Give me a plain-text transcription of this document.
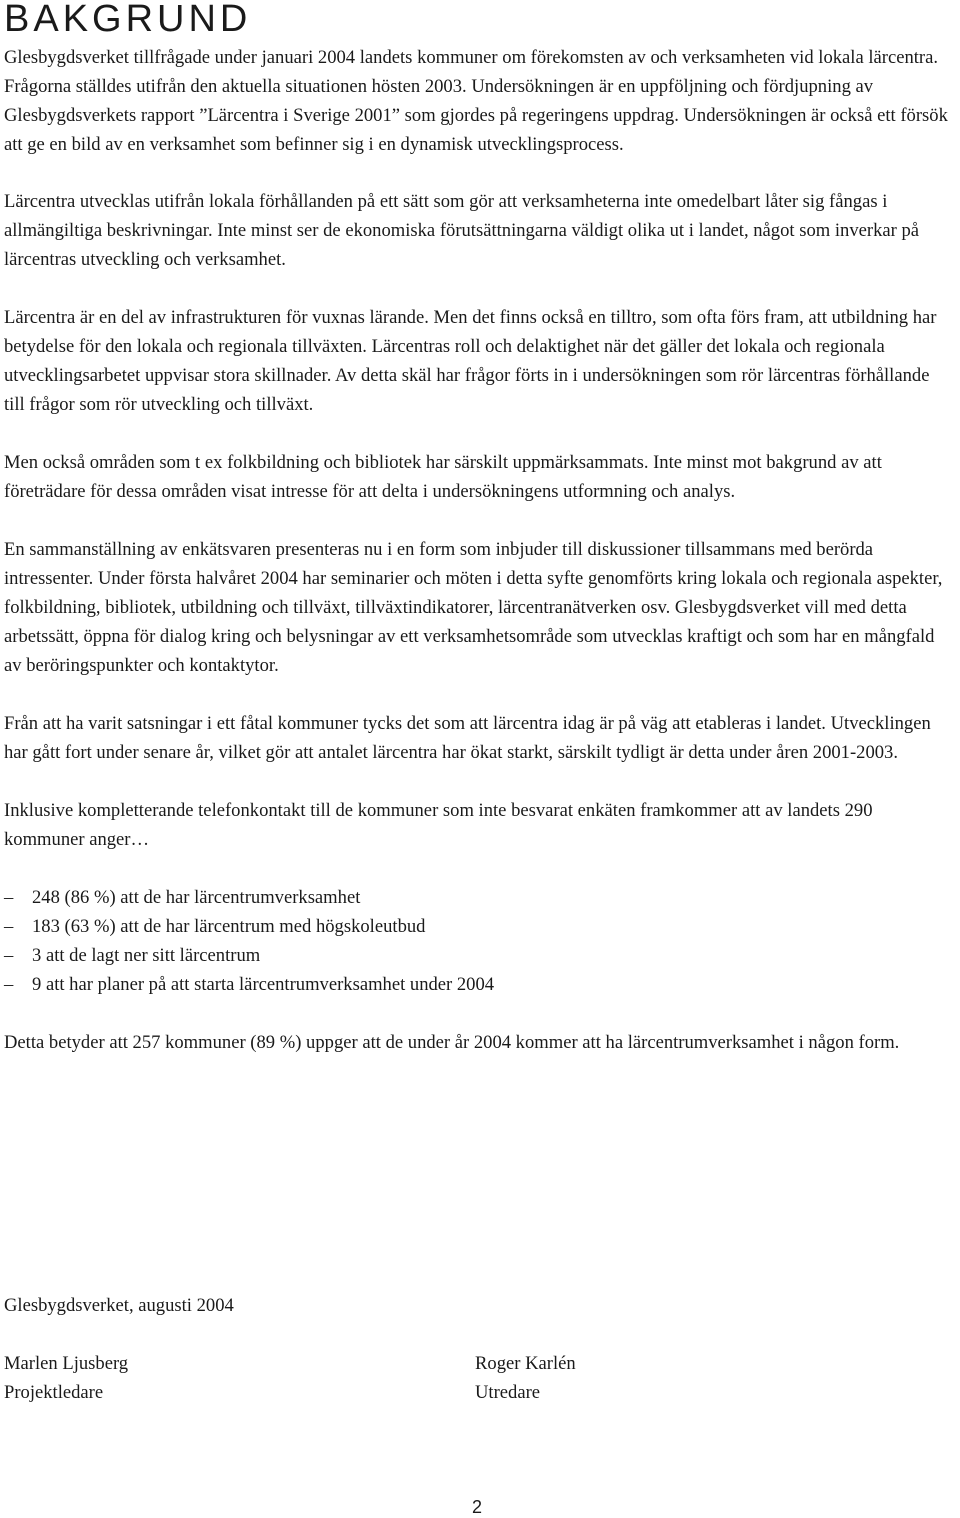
BAKGRUND

Glesbygdsverket tillfrågade under januari 2004 landets kommuner om förekomsten av och verksamheten vid lokala lärcentra. Frågorna ställdes utifrån den aktuella situationen hösten 2003. Undersökningen är en uppföljning och fördjupning av Glesbygdsverkets rapport ”Lärcentra i Sverige 2001” som gjordes på regeringens uppdrag. Undersökningen är också ett försök att ge en bild av en verksamhet som befinner sig i en dynamisk utvecklingsprocess.

Lärcentra utvecklas utifrån lokala förhållanden på ett sätt som gör att verksamheterna inte omedelbart låter sig fångas i allmängiltiga beskrivningar. Inte minst ser de ekonomiska förutsättningarna väldigt olika ut i landet, något som inverkar på lärcentras utveckling och verksamhet.

Lärcentra är en del av infrastrukturen för vuxnas lärande. Men det finns också en tilltro, som ofta förs fram, att utbildning har betydelse för den lokala och regionala tillväxten. Lärcentras roll och delaktighet när det gäller det lokala och regionala utvecklingsarbetet uppvisar stora skillnader. Av detta skäl har frågor förts in i undersökningen som rör lärcentras förhållande till frågor som rör utveckling och tillväxt.

Men också områden som t ex folkbildning och bibliotek har särskilt uppmärksammats. Inte minst mot bakgrund av att företrädare för dessa områden visat intresse för att delta i undersökningens utformning och analys.

En sammanställning av enkätsvaren presenteras nu i en form som inbjuder till diskussioner tillsammans med berörda intressenter. Under första halvåret 2004 har seminarier och möten i detta syfte genomförts kring lokala och regionala aspekter, folkbildning, bibliotek, utbildning och tillväxt, tillväxtindikatorer, lärcentranätverken osv. Glesbygdsverket vill med detta arbetssätt, öppna för dialog kring och belysningar av ett verksamhetsområde som utvecklas kraftigt och som har en mångfald av beröringspunkter och kontaktytor.

Från att ha varit satsningar i ett fåtal kommuner tycks det som att lärcentra idag är på väg att etableras i landet. Utvecklingen har gått fort under senare år, vilket gör att antalet lärcentra har ökat starkt, särskilt tydligt är detta under åren 2001-2003.

Inklusive kompletterande telefonkontakt till de kommuner som inte besvarat enkäten framkommer att av landets 290 kommuner anger…

–	248 (86 %) att de har lärcentrumverksamhet
–	183 (63 %) att de har lärcentrum med högskoleutbud
–	3 att de lagt ner sitt lärcentrum
–	9 att har planer på att starta lärcentrumverksamhet under 2004

Detta betyder att 257 kommuner (89 %) uppger att de under år 2004 kommer att ha lärcentrumverksamhet i någon form.

Glesbygdsverket, augusti 2004

Marlen Ljusberg
Projektledare
Roger Karlén
Utredare
2
